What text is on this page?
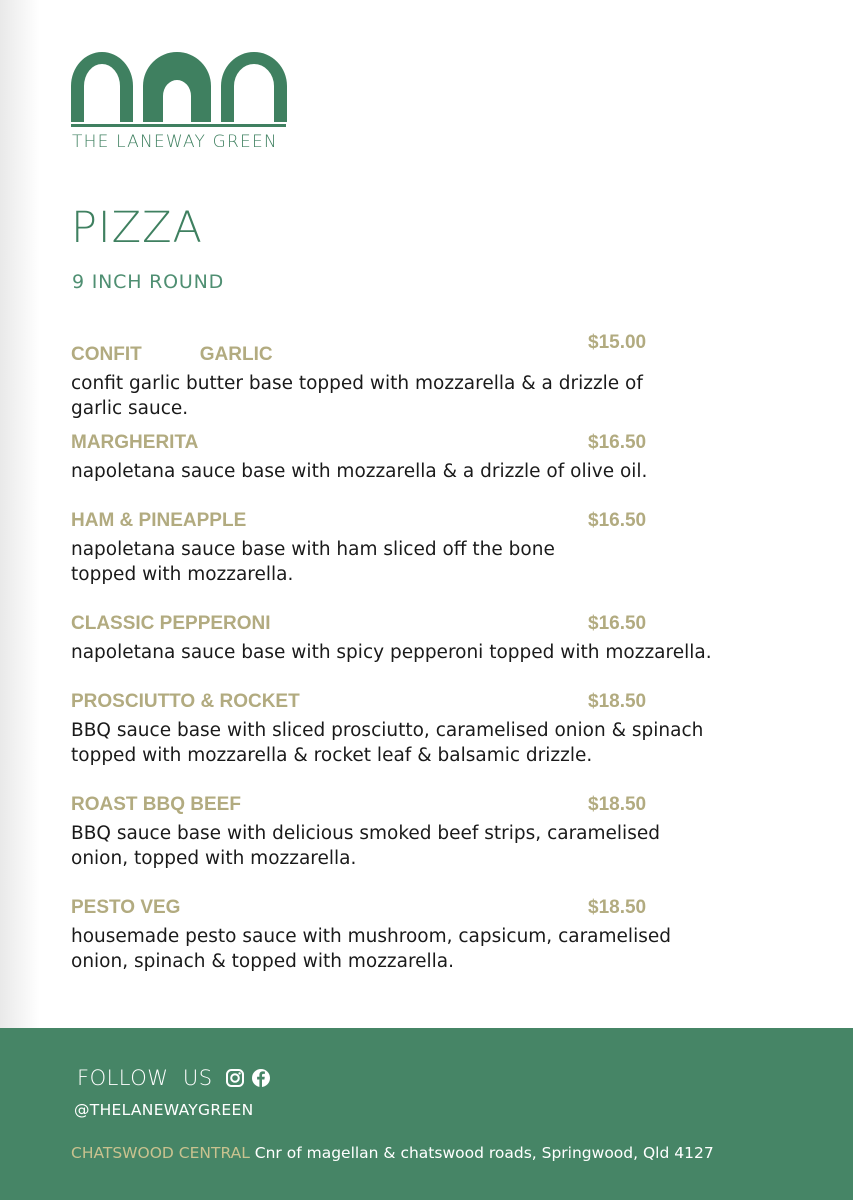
THE LANEWAY GREEN
PIZZA
9 INCH ROUND
CONFIT           GARLIC
$15.00
confit garlic butter base topped with mozzarella & a drizzle of
garlic sauce.
MARGHERITA	$16.50
napoletana sauce base with mozzarella & a drizzle of olive oil.
HAM & PINEAPPLE	$16.50
napoletana sauce base with ham sliced off the bone
topped with mozzarella.
CLASSIC PEPPERONI	$16.50
napoletana sauce base with spicy pepperoni topped with mozzarella.
PROSCIUTTO & ROCKET	$18.50
BBQ sauce base with sliced prosciutto, caramelised onion & spinach
topped with mozzarella & rocket leaf & balsamic drizzle.
ROAST BBQ BEEF	$18.50
BBQ sauce base with delicious smoked beef strips, caramelised
onion, topped with mozzarella.
PESTO VEG	$18.50
housemade pesto sauce with mushroom, capsicum, caramelised
onion, spinach & topped with mozzarella.
FOLLOW  US
@THELANEWAYGREEN
CHATSWOOD CENTRAL Cnr of magellan & chatswood roads, Springwood, Qld 4127
